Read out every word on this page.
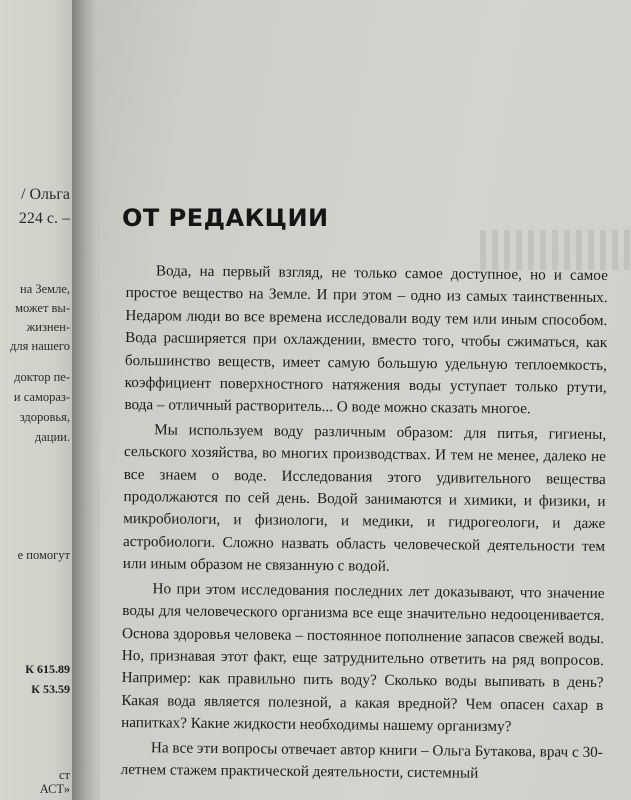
/ Ольга
224 с. –
на Земле,
может вы-
жизнен-
для нашего
доктор пе-
и самораз-
здоровья,
дации.
е помогут
К 615.89
К 53.59
ст
АСТ»
ОТ РЕДАКЦИИ

Вода, на первый взгляд, не только самое доступное, но и самое простое вещество на Земле. И при этом – одно из самых таинственных. Недаром люди во все времена исследовали воду тем или иным способом. Вода расширяется при охлаждении, вместо того, чтобы сжиматься, как большинство веществ, имеет самую большую удельную теплоемкость, коэффициент поверхностного натяжения воды уступает только ртути, вода – отличный растворитель... О воде можно сказать многое.

Мы используем воду различным образом: для питья, гигиены, сельского хозяйства, во многих производствах. И тем не менее, далеко не все знаем о воде. Исследования этого удивительного вещества продолжаются по сей день. Водой занимаются и химики, и физики, и микробиологи, и физиологи, и медики, и гидрогеологи, и даже астробиологи. Сложно назвать область человеческой деятельности тем или иным образом не связанную с водой.

Но при этом исследования последних лет доказывают, что значение воды для человеческого организма все еще значительно недооценивается. Основа здоровья человека – постоянное пополнение запасов свежей воды. Но, признавая этот факт, еще затруднительно ответить на ряд вопросов. Например: как правильно пить воду? Сколько воды выпивать в день? Какая вода является полезной, а какая вредной? Чем опасен сахар в напитках? Какие жидкости необходимы нашему организму?

На все эти вопросы отвечает автор книги – Ольга Бутакова, врач с 30-летнем стажем практической деятельности, системный
